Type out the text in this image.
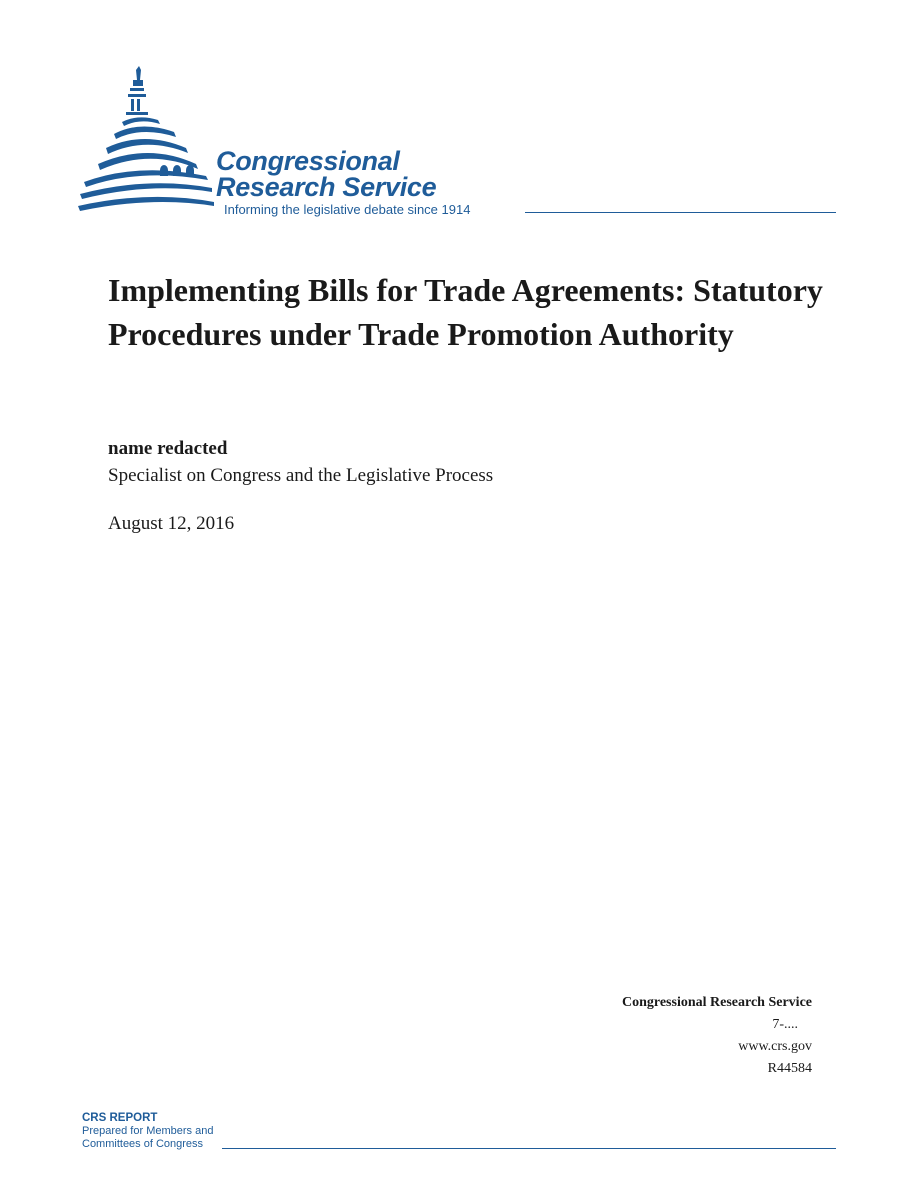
Congressional
Research Service
Informing the legislative debate since 1914
Implementing Bills for Trade Agreements: Statutory Procedures under Trade Promotion Authority

name redacted

Specialist on Congress and the Legislative Process

August 12, 2016

Congressional Research Service
7-....
www.crs.gov
R44584
CRS REPORT
Prepared for Members and
Committees of Congress
